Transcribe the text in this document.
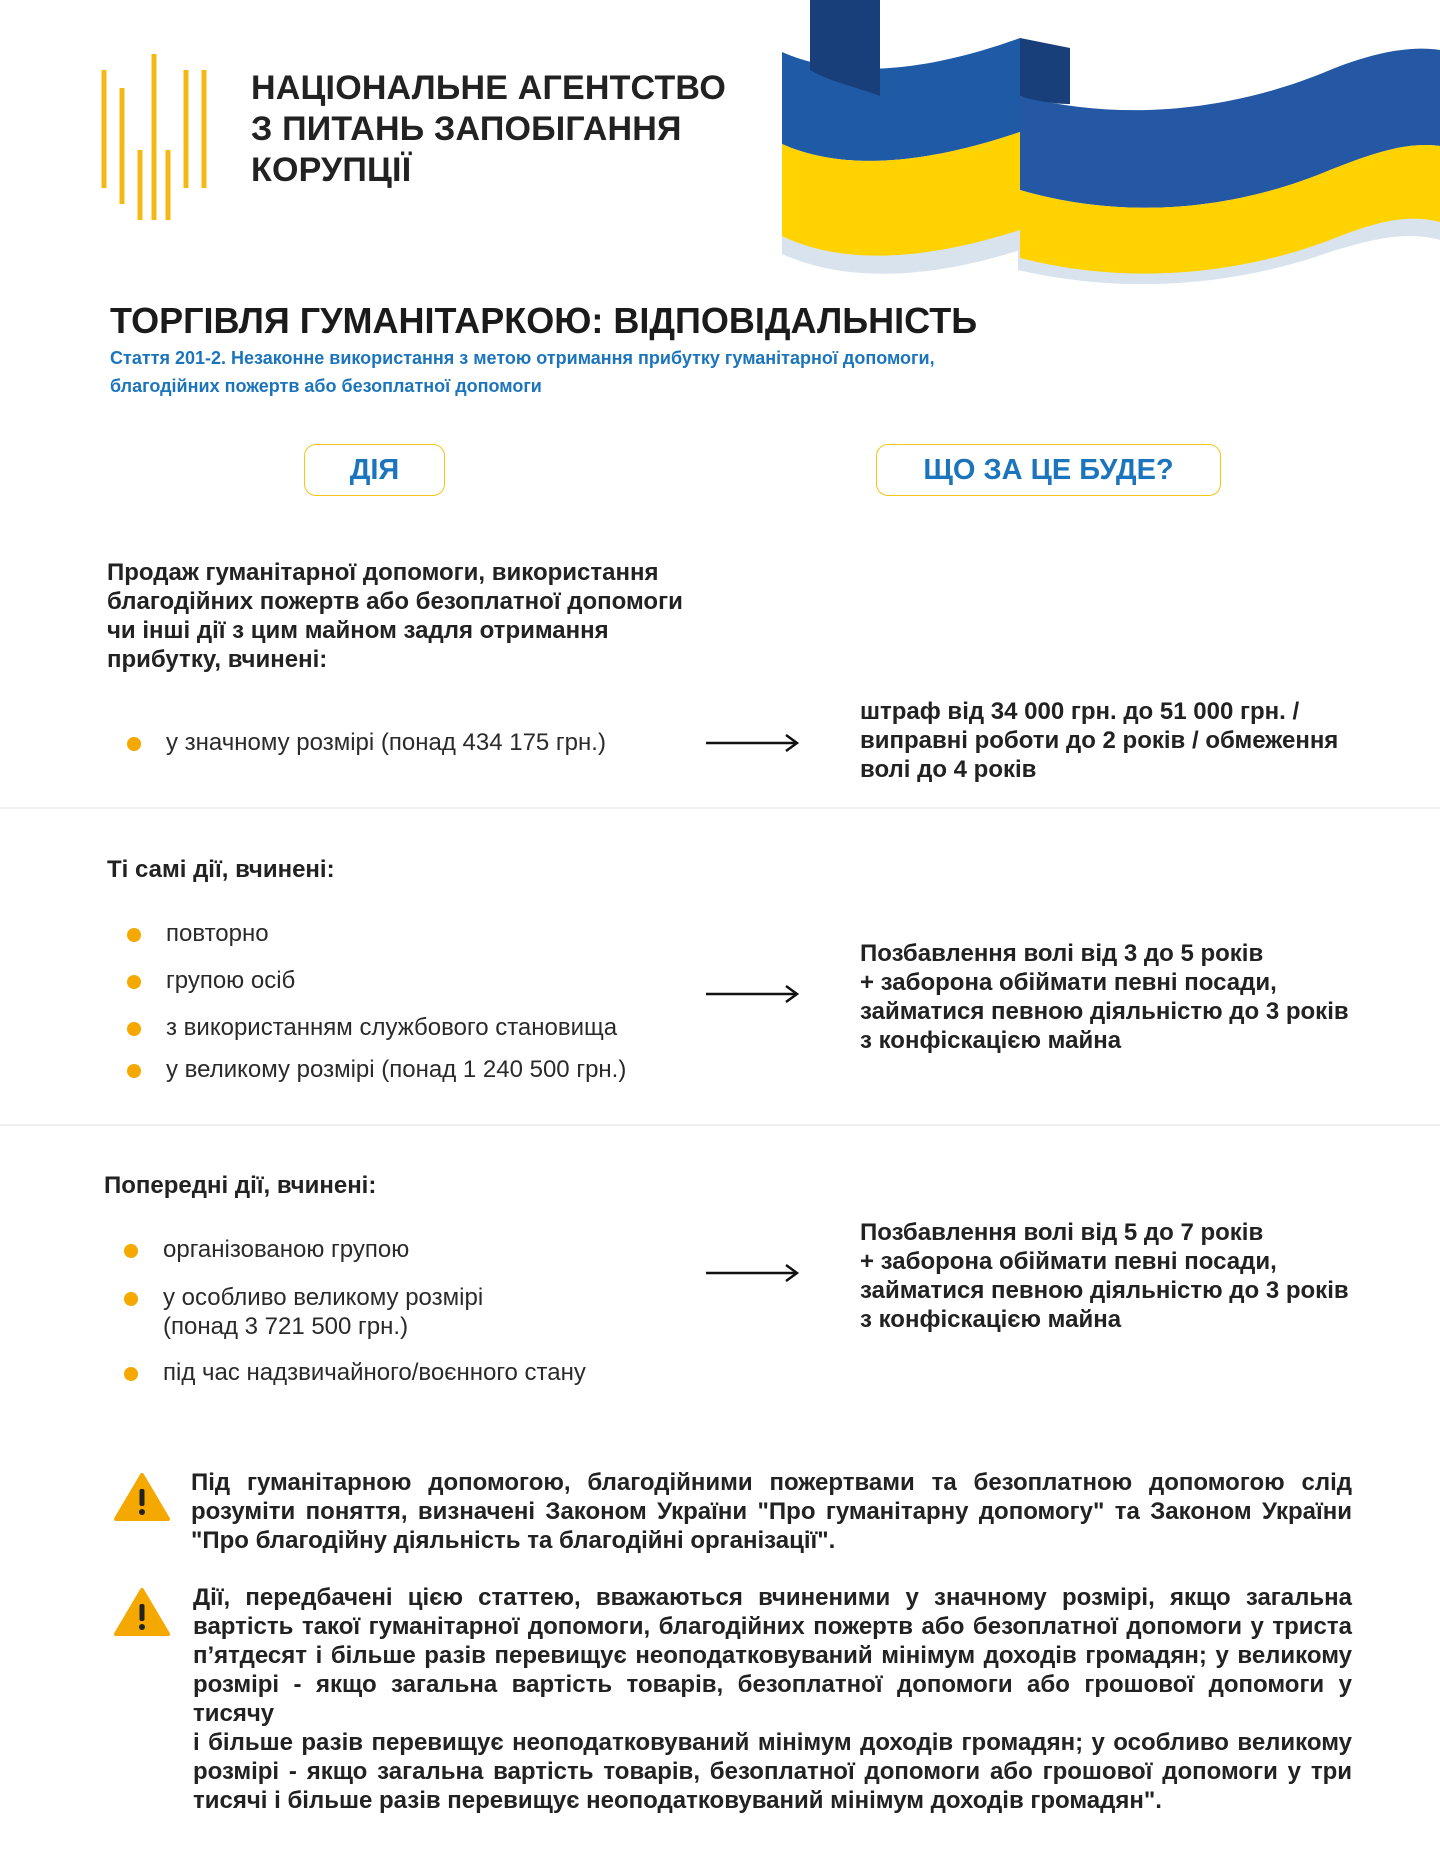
НАЦІОНАЛЬНЕ АГЕНТСТВО
З ПИТАНЬ ЗАПОБІГАННЯ
КОРУПЦІЇ
ТОРГІВЛЯ ГУМАНІТАРКОЮ: ВІДПОВІДАЛЬНІСТЬ
Стаття 201-2. Незаконне використання з метою отримання прибутку гуманітарної допомоги,
благодійних пожертв або безоплатної допомоги
ДІЯ	ЩО ЗА ЦЕ БУДЕ?
Продаж гуманітарної допомоги, використання
благодійних пожертв або безоплатної допомоги
чи інші дії з цим майном задля отримання
прибутку, вчинені:
у значному розмірі (понад 434 175 грн.)
штраф від 34 000 грн. до 51 000 грн. /
виправні роботи до 2 років / обмеження
волі до 4 років
Ті самі дії, вчинені:
повторно
групою осіб
з використанням службового становища
у великому розмірі (понад 1 240 500 грн.)
Позбавлення волі від 3 до 5 років
+ заборона обіймати певні посади,
займатися певною діяльністю до 3 років
з конфіскацією майна
Попередні дії, вчинені:
організованою групою
у особливо великому розмірі
(понад 3 721 500 грн.)
під час надзвичайного/воєнного стану
Позбавлення волі від 5 до 7 років
+ заборона обіймати певні посади,
займатися певною діяльністю до 3 років
з конфіскацією майна
Під гуманітарною допомогою, благодійними пожертвами та безоплатною допомогою слід
розуміти поняття, визначені Законом України "Про гуманітарну допомогу" та Законом України
"Про благодійну діяльність та благодійні організації".
Дії, передбачені цією статтею, вважаються вчиненими у значному розмірі, якщо загальна
вартість такої гуманітарної допомоги, благодійних пожертв або безоплатної допомоги у триста
п’ятдесят і більше разів перевищує неоподатковуваний мінімум доходів громадян; у великому
розмірі - якщо загальна вартість товарів, безоплатної допомоги або грошової допомоги у тисячу
і більше разів перевищує неоподатковуваний мінімум доходів громадян; у особливо великому
розмірі - якщо загальна вартість товарів, безоплатної допомоги або грошової допомоги у три
тисячі і більше разів перевищує неоподатковуваний мінімум доходів громадян".
